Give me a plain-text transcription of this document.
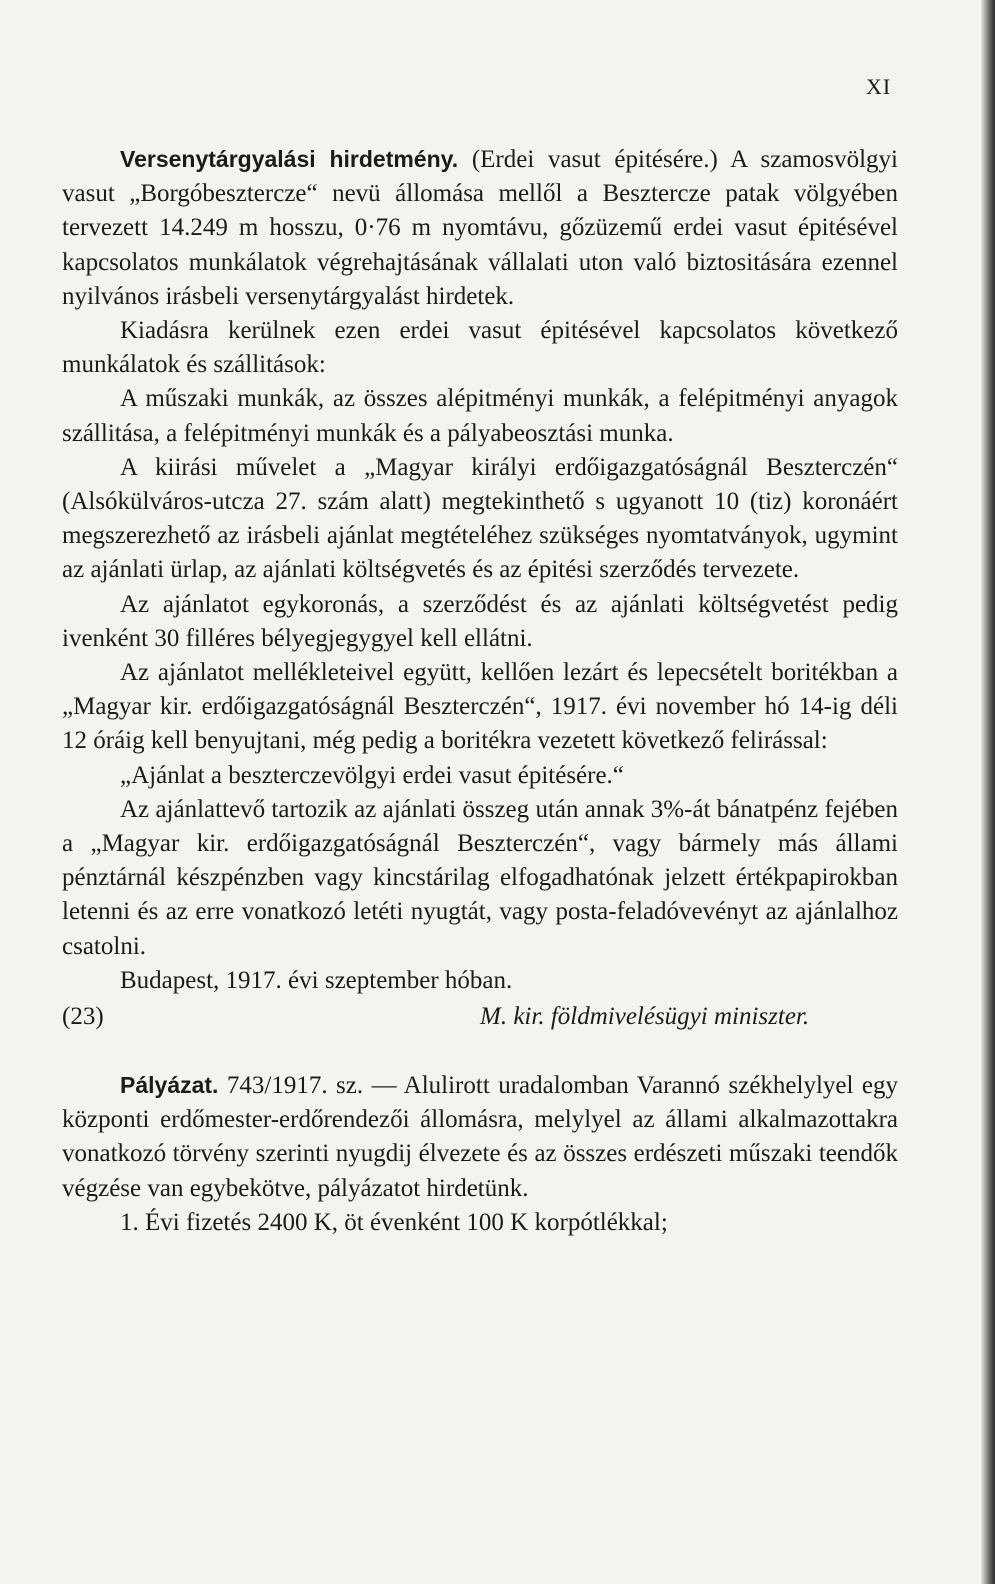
XI

Versenytárgyalási hirdetmény. (Erdei vasut épitésére.) A szamosvölgyi vasut „Borgóbesztercze“ nevü állomása mellől a Besztercze patak völgyében tervezett 14.249 m hosszu, 0·76 m nyomtávu, gőzüzemű erdei vasut épitésével kapcsolatos munkálatok végrehajtásának vállalati uton való biztositására ezennel nyilvános irásbeli versenytárgyalást hirdetek.

Kiadásra kerülnek ezen erdei vasut épitésével kapcsolatos következő munkálatok és szállitások:

A műszaki munkák, az összes alépitményi munkák, a felépitményi anyagok szállitása, a felépitményi munkák és a pályabeosztási munka.

A kiirási művelet a „Magyar királyi erdőigazgatóságnál Beszterczén“ (Alsókülváros-utcza 27. szám alatt) megtekinthető s ugyanott 10 (tiz) koronáért megszerezhető az irásbeli ajánlat megtételéhez szükséges nyomtatványok, ugymint az ajánlati ürlap, az ajánlati költségvetés és az épitési szerződés tervezete.

Az ajánlatot egykoronás, a szerződést és az ajánlati költségvetést pedig ivenként 30 filléres bélyegjegygyel kell ellátni.

Az ajánlatot mellékleteivel együtt, kellően lezárt és lepecsételt boritékban a „Magyar kir. erdőigazgatóságnál Beszterczén“, 1917. évi november hó 14-ig déli 12 óráig kell benyujtani, még pedig a boritékra vezetett következő felirással:

„Ajánlat a beszterczevölgyi erdei vasut épitésére.“

Az ajánlattevő tartozik az ajánlati összeg után annak 3%-át bánatpénz fejében a „Magyar kir. erdőigazgatóságnál Beszterczén“, vagy bármely más állami pénztárnál készpénzben vagy kincstárilag elfogadhatónak jelzett értékpapirokban letenni és az erre vonatkozó letéti nyugtát, vagy posta-feladóvevényt az ajánlalhoz csatolni.

Budapest, 1917. évi szeptember hóban.

(23)	M. kir. földmivelésügyi miniszter.

Pályázat. 743/1917. sz. — Alulirott uradalomban Varannó székhelylyel egy központi erdőmester-erdőrendezői állomásra, melylyel az állami alkalmazottakra vonatkozó törvény szerinti nyugdij élvezete és az összes erdészeti műszaki teendők végzése van egybekötve, pályázatot hirdetünk.

1. Évi fizetés 2400 K, öt évenként 100 K korpótlékkal;
